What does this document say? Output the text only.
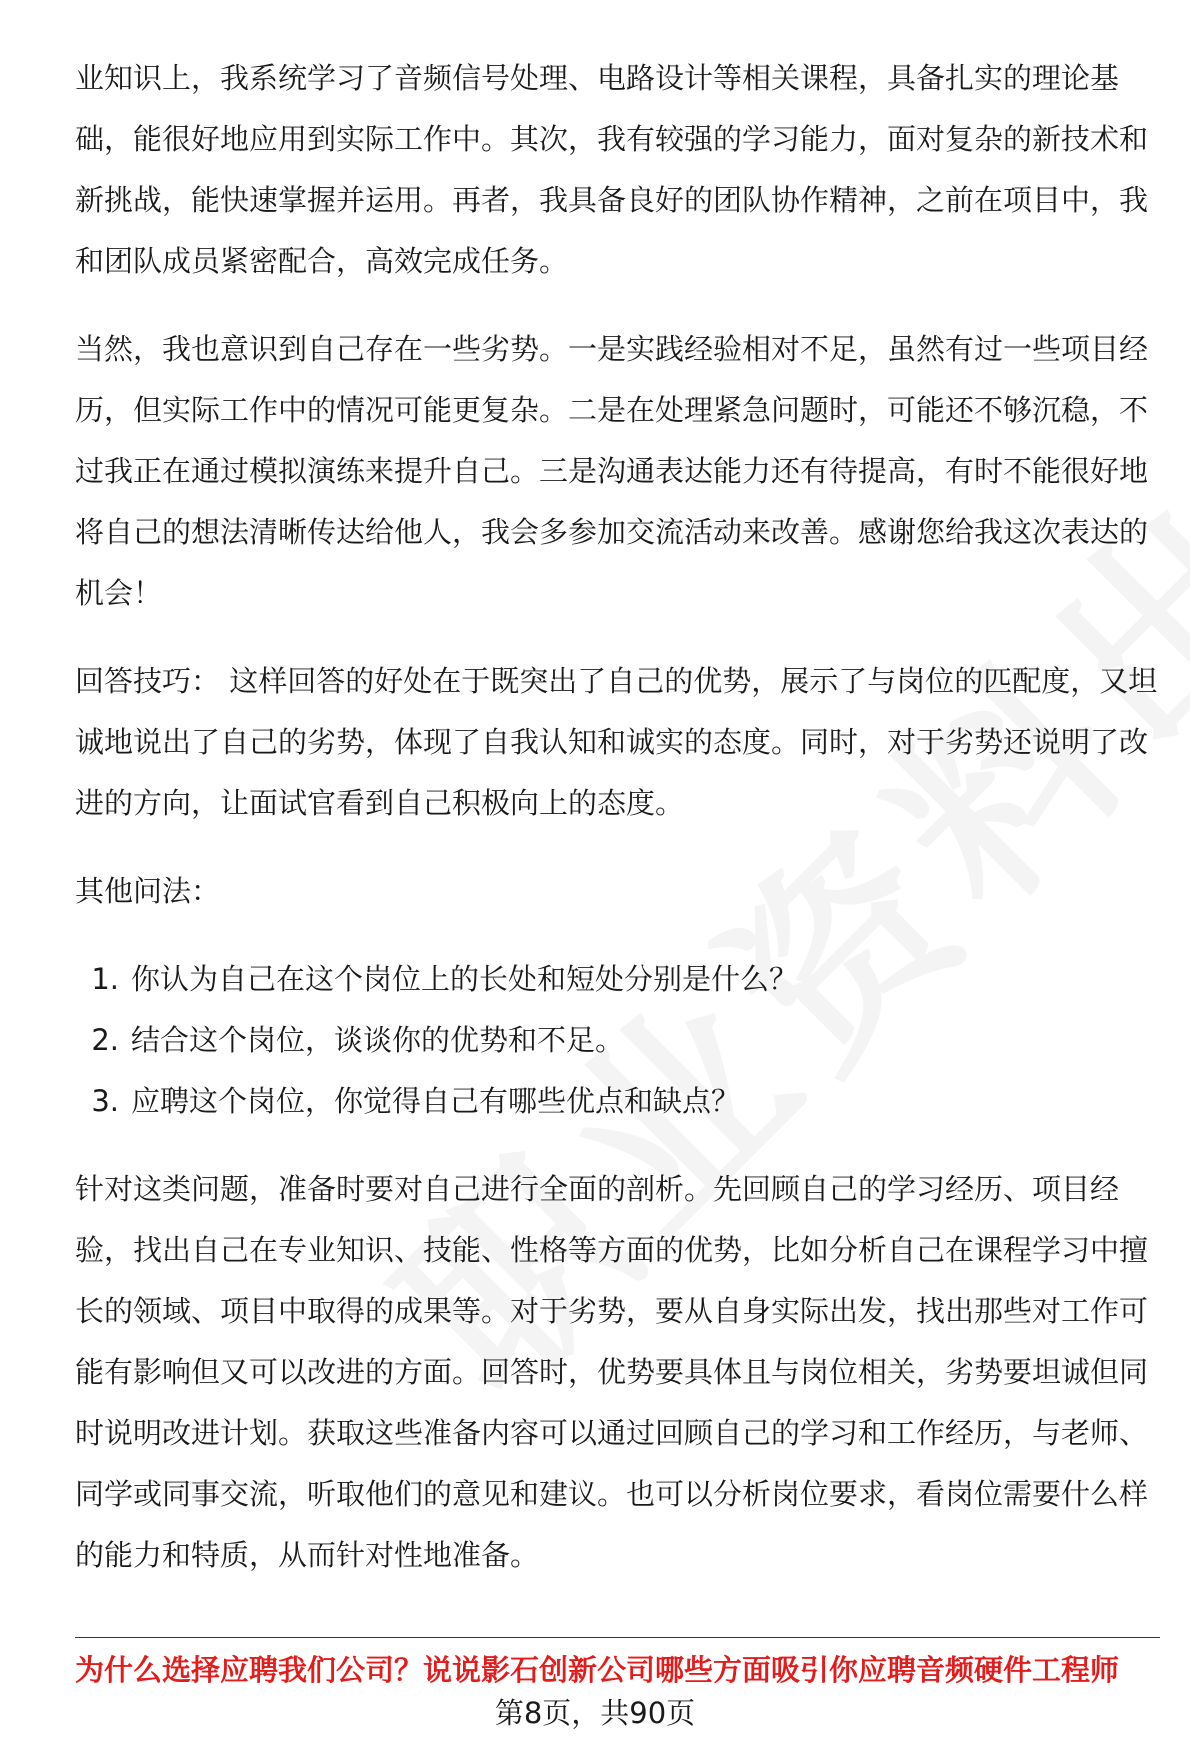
业知识上，我系统学习了音频信号处理、电路设计等相关课程，具备扎实的理论基础，能很好地应用到实际工作中。其次，我有较强的学习能力，面对复杂的新技术和新挑战，能快速掌握并运用。再者，我具备良好的团队协作精神，之前在项目中，我和团队成员紧密配合，高效完成任务。

当然，我也意识到自己存在一些劣势。一是实践经验相对不足，虽然有过一些项目经历，但实际工作中的情况可能更复杂。二是在处理紧急问题时，可能还不够沉稳，不过我正在通过模拟演练来提升自己。三是沟通表达能力还有待提高，有时不能很好地将自己的想法清晰传达给他人，我会多参加交流活动来改善。感谢您给我这次表达的机会！

回答技巧： 这样回答的好处在于既突出了自己的优势，展示了与岗位的匹配度，又坦诚地说出了自己的劣势，体现了自我认知和诚实的态度。同时，对于劣势还说明了改进的方向，让面试官看到自己积极向上的态度。

其他问法：

1. 你认为自己在这个岗位上的长处和短处分别是什么？
2. 结合这个岗位，谈谈你的优势和不足。
3. 应聘这个岗位，你觉得自己有哪些优点和缺点？

针对这类问题，准备时要对自己进行全面的剖析。先回顾自己的学习经历、项目经验，找出自己在专业知识、技能、性格等方面的优势，比如分析自己在课程学习中擅长的领域、项目中取得的成果等。对于劣势，要从自身实际出发，找出那些对工作可能有影响但又可以改进的方面。回答时，优势要具体且与岗位相关，劣势要坦诚但同时说明改进计划。获取这些准备内容可以通过回顾自己的学习和工作经历，与老师、同学或同事交流，听取他们的意见和建议。也可以分析岗位要求，看岗位需要什么样的能力和特质，从而针对性地准备。

为什么选择应聘我们公司？说说影石创新公司哪些方面吸引你应聘音频硬件工程师
第8页，共90页
